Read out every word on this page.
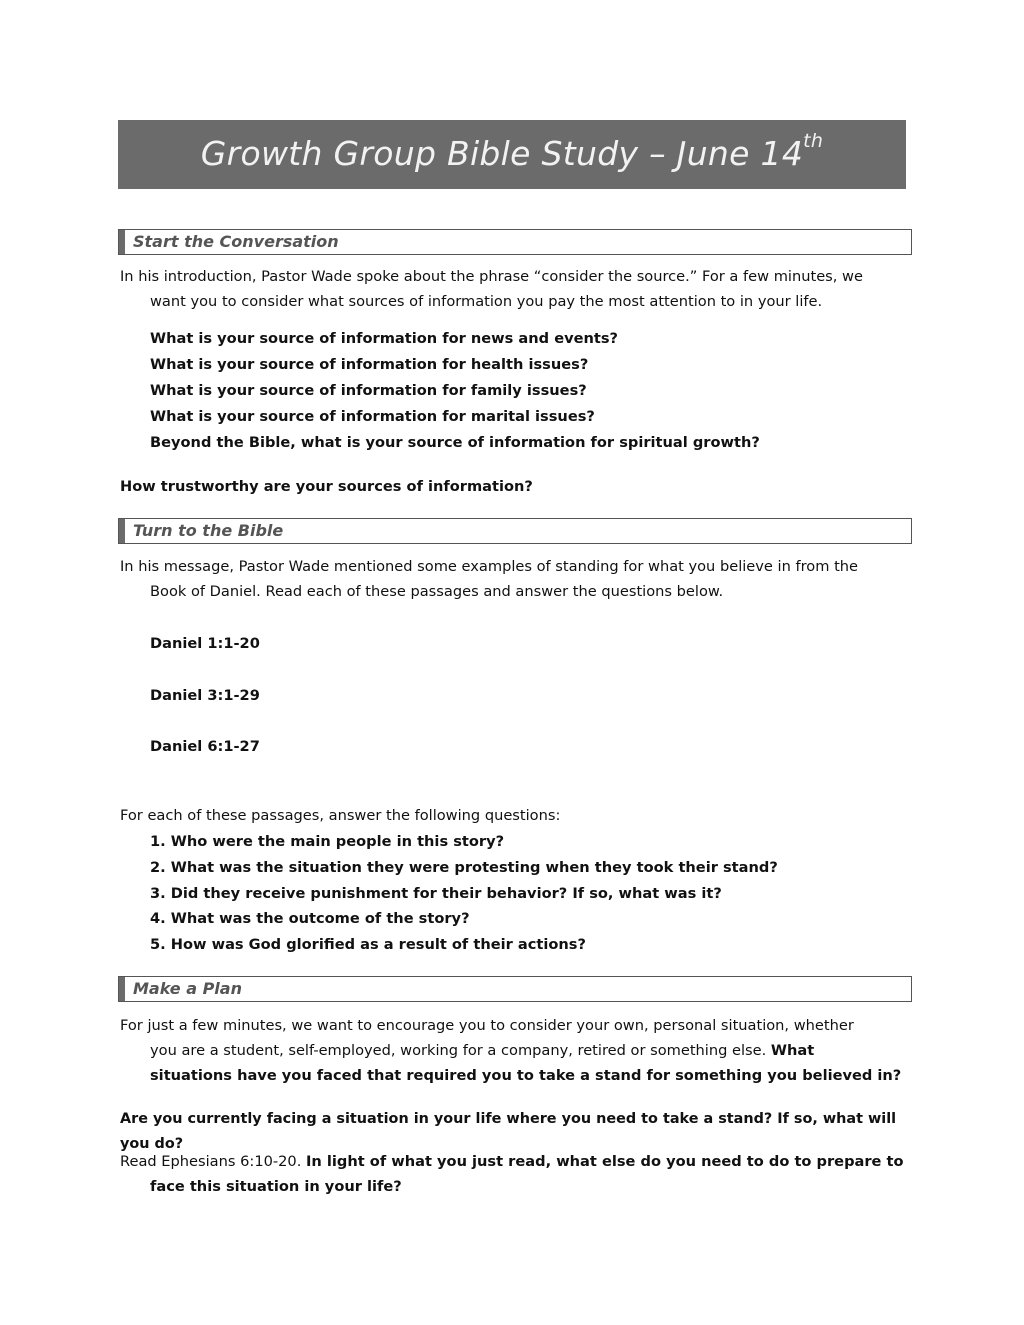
Growth Group Bible Study – June 14th
Start the Conversation
In his introduction, Pastor Wade spoke about the phrase “consider the source.” For a few minutes, we
want you to consider what sources of information you pay the most attention to in your life.
What is your source of information for news and events?
What is your source of information for health issues?
What is your source of information for family issues?
What is your source of information for marital issues?
Beyond the Bible, what is your source of information for spiritual growth?
How trustworthy are your sources of information?
Turn to the Bible
In his message, Pastor Wade mentioned some examples of standing for what you believe in from the
Book of Daniel. Read each of these passages and answer the questions below.
Daniel 1:1-20
Daniel 3:1-29
Daniel 6:1-27
For each of these passages, answer the following questions:
1. Who were the main people in this story?
2. What was the situation they were protesting when they took their stand?
3. Did they receive punishment for their behavior? If so, what was it?
4. What was the outcome of the story?
5. How was God glorified as a result of their actions?
Make a Plan
For just a few minutes, we want to encourage you to consider your own, personal situation, whether
you are a student, self-employed, working for a company, retired or something else. What
situations have you faced that required you to take a stand for something you believed in?
Are you currently facing a situation in your life where you need to take a stand? If so, what will you do?
Read Ephesians 6:10-20. In light of what you just read, what else do you need to do to prepare to
face this situation in your life?
